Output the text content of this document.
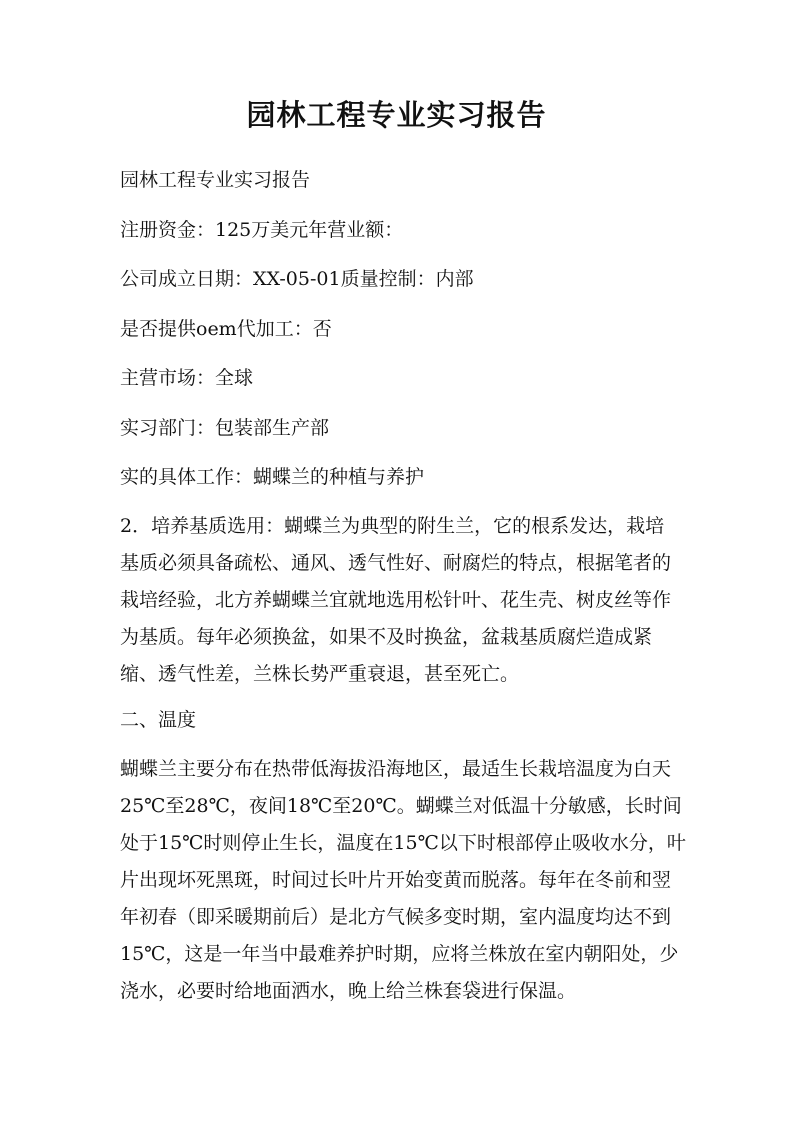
园林工程专业实习报告
园林工程专业实习报告
注册资金：125万美元年营业额：
公司成立日期：XX-05-01质量控制：内部
是否提供oem代加工：否
主营市场：全球
实习部门：包装部生产部
实的具体工作：蝴蝶兰的种植与养护
2．培养基质选用：蝴蝶兰为典型的附生兰，它的根系发达，栽培
基质必须具备疏松、通风、透气性好、耐腐烂的特点，根据笔者的
栽培经验，北方养蝴蝶兰宜就地选用松针叶、花生壳、树皮丝等作
为基质。每年必须换盆，如果不及时换盆，盆栽基质腐烂造成紧
缩、透气性差，兰株长势严重衰退，甚至死亡。
二、温度
蝴蝶兰主要分布在热带低海拔沿海地区，最适生长栽培温度为白天
25℃至28℃，夜间18℃至20℃。蝴蝶兰对低温十分敏感，长时间
处于15℃时则停止生长，温度在15℃以下时根部停止吸收水分，叶
片出现坏死黑斑，时间过长叶片开始变黄而脱落。每年在冬前和翌
年初春（即采暖期前后）是北方气候多变时期，室内温度均达不到
15℃，这是一年当中最难养护时期，应将兰株放在室内朝阳处，少
浇水，必要时给地面洒水，晚上给兰株套袋进行保温。
